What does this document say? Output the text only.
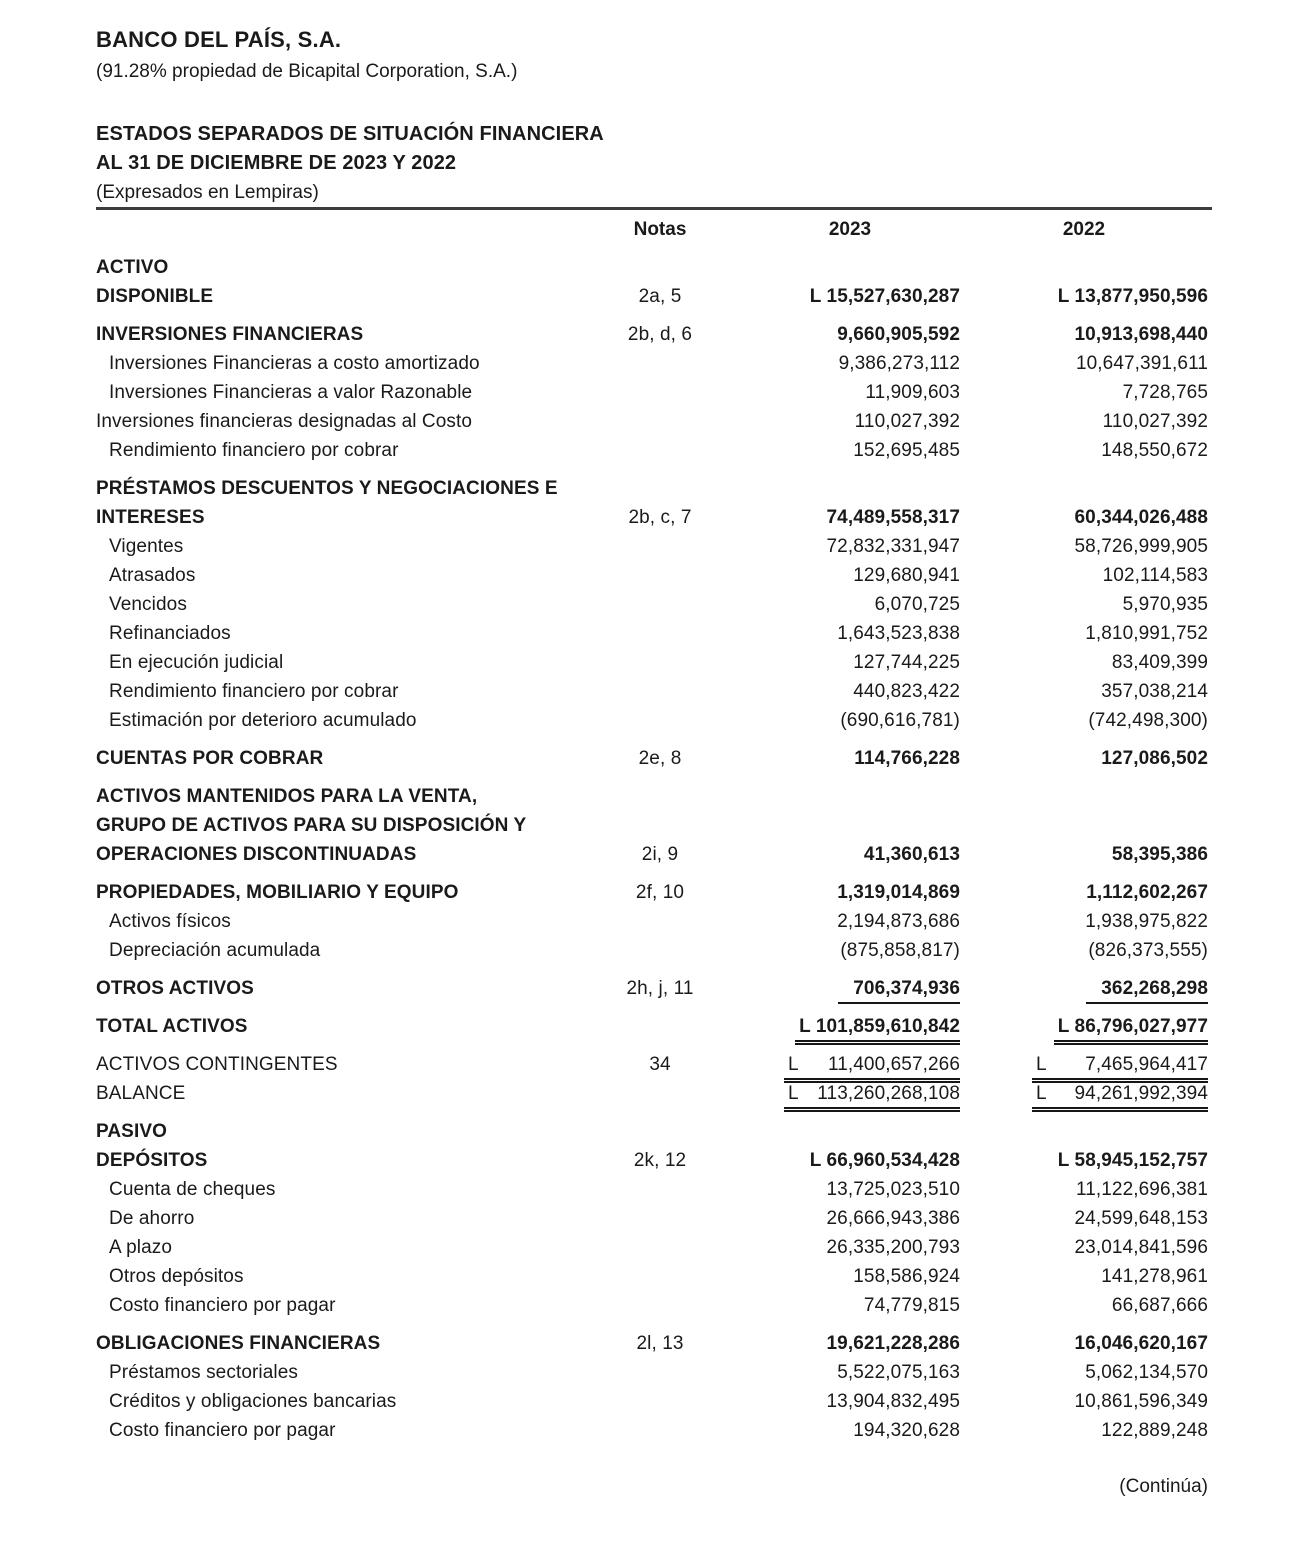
BANCO DEL PAÍS, S.A.
(91.28% propiedad de Bicapital Corporation, S.A.)
ESTADOS SEPARADOS DE SITUACIÓN FINANCIERA
AL 31 DE DICIEMBRE DE 2023 Y 2022
(Expresados en Lempiras)
Notas	2023	2022
ACTIVO
DISPONIBLE	2a, 5	L 15,527,630,287	L 13,877,950,596
INVERSIONES FINANCIERAS	2b, d, 6	9,660,905,592	10,913,698,440
Inversiones Financieras a costo amortizado	9,386,273,112	10,647,391,611
Inversiones Financieras a valor Razonable	11,909,603	7,728,765
Inversiones financieras designadas al Costo	110,027,392	110,027,392
Rendimiento financiero por cobrar	152,695,485	148,550,672
PRÉSTAMOS DESCUENTOS Y NEGOCIACIONES E
INTERESES	2b, c, 7	74,489,558,317	60,344,026,488
Vigentes	72,832,331,947	58,726,999,905
Atrasados	129,680,941	102,114,583
Vencidos	6,070,725	5,970,935
Refinanciados	1,643,523,838	1,810,991,752
En ejecución judicial	127,744,225	83,409,399
Rendimiento financiero por cobrar	440,823,422	357,038,214
Estimación por deterioro acumulado	(690,616,781)	(742,498,300)
CUENTAS POR COBRAR	2e, 8	114,766,228	127,086,502
ACTIVOS MANTENIDOS PARA LA VENTA,
GRUPO DE ACTIVOS PARA SU DISPOSICIÓN Y
OPERACIONES DISCONTINUADAS	2i, 9	41,360,613	58,395,386
PROPIEDADES, MOBILIARIO Y EQUIPO	2f, 10	1,319,014,869	1,112,602,267
Activos físicos	2,194,873,686	1,938,975,822
Depreciación acumulada	(875,858,817)	(826,373,555)
OTROS ACTIVOS	2h, j, 11	706,374,936	362,268,298
TOTAL ACTIVOS	L 101,859,610,842	L 86,796,027,977
ACTIVOS CONTINGENTES	34	L 11,400,657,266	L 7,465,964,417
BALANCE	L 113,260,268,108	L 94,261,992,394
PASIVO
DEPÓSITOS	2k, 12	L 66,960,534,428	L 58,945,152,757
Cuenta de cheques	13,725,023,510	11,122,696,381
De ahorro	26,666,943,386	24,599,648,153
A plazo	26,335,200,793	23,014,841,596
Otros depósitos	158,586,924	141,278,961
Costo financiero por pagar	74,779,815	66,687,666
OBLIGACIONES FINANCIERAS	2l, 13	19,621,228,286	16,046,620,167
Préstamos sectoriales	5,522,075,163	5,062,134,570
Créditos y obligaciones bancarias	13,904,832,495	10,861,596,349
Costo financiero por pagar	194,320,628	122,889,248
(Continúa)
